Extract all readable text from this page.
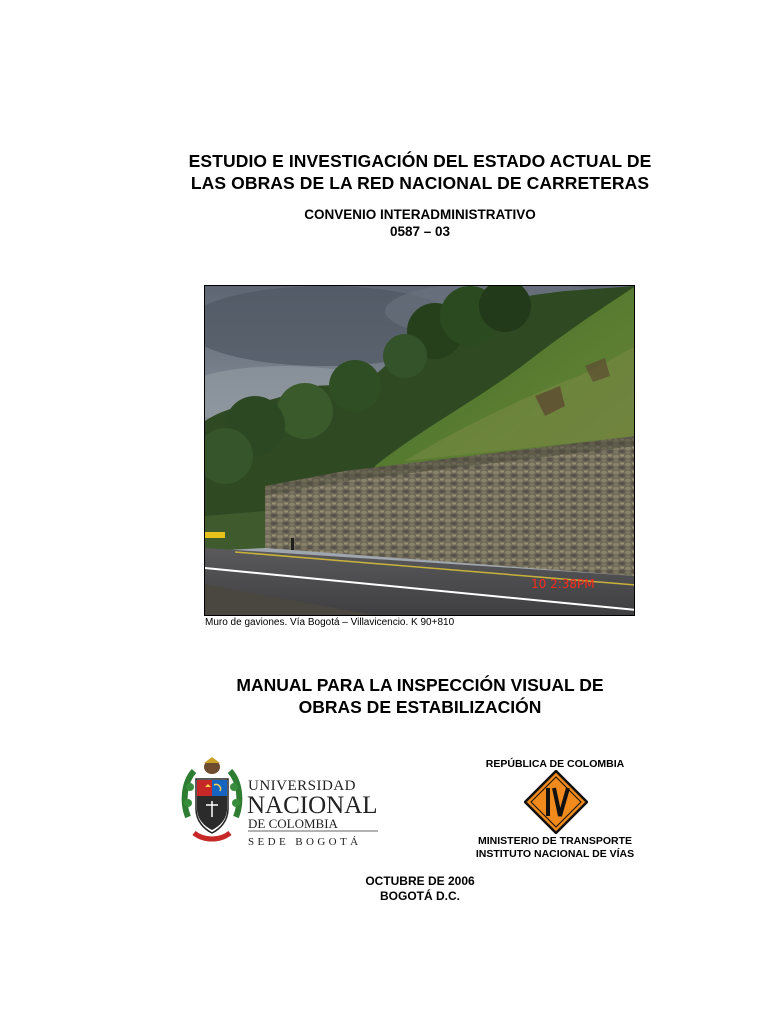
ESTUDIO E INVESTIGACIÓN DEL ESTADO ACTUAL DE
LAS OBRAS DE LA RED NACIONAL DE CARRETERAS
CONVENIO INTERADMINISTRATIVO
0587 – 03
10 2:38PM
Muro de gaviones. Vía Bogotá – Villavicencio. K 90+810
MANUAL PARA LA INSPECCIÓN VISUAL DE
OBRAS DE ESTABILIZACIÓN
UNIVERSIDAD
NACIONAL
DE COLOMBIA
SEDE BOGOTÁ
REPÚBLICA DE COLOMBIA
MINISTERIO DE TRANSPORTE
INSTITUTO NACIONAL DE VÍAS
OCTUBRE DE 2006
BOGOTÁ D.C.
